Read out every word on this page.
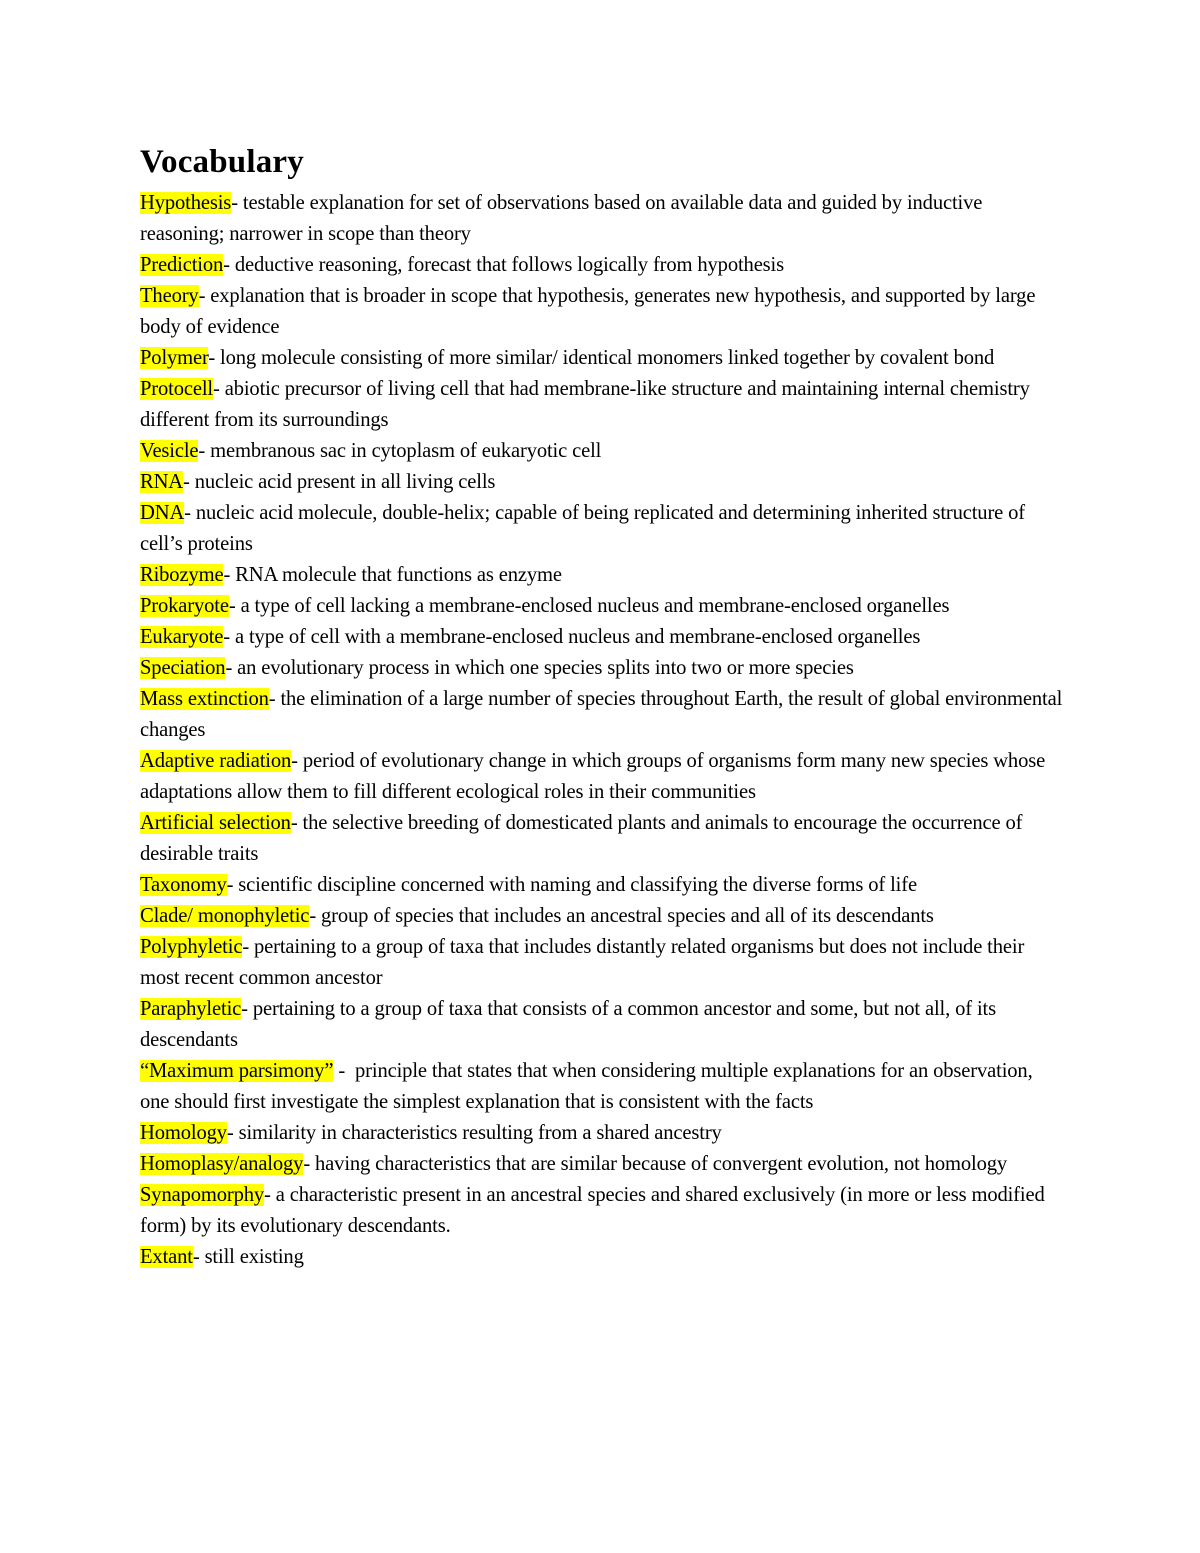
Vocabulary

Hypothesis- testable explanation for set of observations based on available data and guided by inductive reasoning; narrower in scope than theory

Prediction- deductive reasoning, forecast that follows logically from hypothesis

Theory- explanation that is broader in scope that hypothesis, generates new hypothesis, and supported by large body of evidence

Polymer- long molecule consisting of more similar/ identical monomers linked together by covalent bond

Protocell- abiotic precursor of living cell that had membrane-like structure and maintaining internal chemistry different from its surroundings

Vesicle- membranous sac in cytoplasm of eukaryotic cell

RNA- nucleic acid present in all living cells

DNA- nucleic acid molecule, double-helix; capable of being replicated and determining inherited structure of cell’s proteins

Ribozyme- RNA molecule that functions as enzyme

Prokaryote- a type of cell lacking a membrane-enclosed nucleus and membrane-enclosed organelles

Eukaryote- a type of cell with a membrane-enclosed nucleus and membrane-enclosed organelles

Speciation- an evolutionary process in which one species splits into two or more species

Mass extinction- the elimination of a large number of species throughout Earth, the result of global environmental changes

Adaptive radiation- period of evolutionary change in which groups of organisms form many new species whose adaptations allow them to fill different ecological roles in their communities

Artificial selection- the selective breeding of domesticated plants and animals to encourage the occurrence of desirable traits

Taxonomy- scientific discipline concerned with naming and classifying the diverse forms of life

Clade/ monophyletic- group of species that includes an ancestral species and all of its descendants

Polyphyletic- pertaining to a group of taxa that includes distantly related organisms but does not include their most recent common ancestor

Paraphyletic- pertaining to a group of taxa that consists of a common ancestor and some, but not all, of its descendants

“Maximum parsimony” -  principle that states that when considering multiple explanations for an observation, one should first investigate the simplest explanation that is consistent with the facts

Homology- similarity in characteristics resulting from a shared ancestry

Homoplasy/analogy- having characteristics that are similar because of convergent evolution, not homology

Synapomorphy- a characteristic present in an ancestral species and shared exclusively (in more or less modified form) by its evolutionary descendants.

Extant- still existing
